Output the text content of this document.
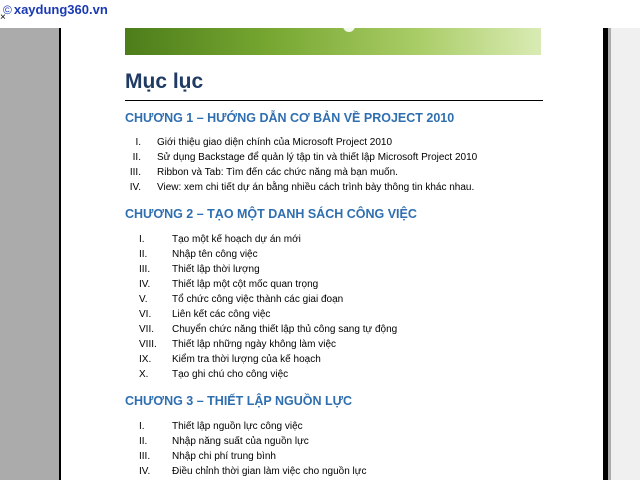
© xaydung360.vn
×
Mục lục
CHƯƠNG 1 – HƯỚNG DẪN CƠ BẢN VỀ PROJECT 2010
I. Giới thiệu giao diện chính của Microsoft Project 2010
II. Sử dụng Backstage để quản lý tập tin và thiết lập Microsoft Project 2010
III. Ribbon và Tab: Tìm đến các chức năng mà bạn muốn.
IV. View: xem chi tiết dự án bằng nhiều cách trình bày thông tin khác nhau.
CHƯƠNG 2 – TẠO MỘT DANH SÁCH CÔNG VIỆC
I.	Tạo một kế hoạch dự án mới
II.	Nhập tên công việc
III.	Thiết lập thời lượng
IV.	Thiết lập một cột mốc quan trọng
V.	Tổ chức công việc thành các giai đoạn
VI.	Liên kết các công việc
VII.	Chuyển chức năng thiết lập thủ công sang tự động
VIII.	Thiết lập những ngày không làm việc
IX.	Kiểm tra thời lượng của kế hoạch
X.	Tạo ghi chú cho công việc
CHƯƠNG 3 – THIẾT LẬP NGUỒN LỰC
I.	Thiết lập nguồn lực công việc
II.	Nhập năng suất của nguồn lực
III.	Nhập chi phí trung bình
IV.	Điều chỉnh thời gian làm việc cho nguồn lực
